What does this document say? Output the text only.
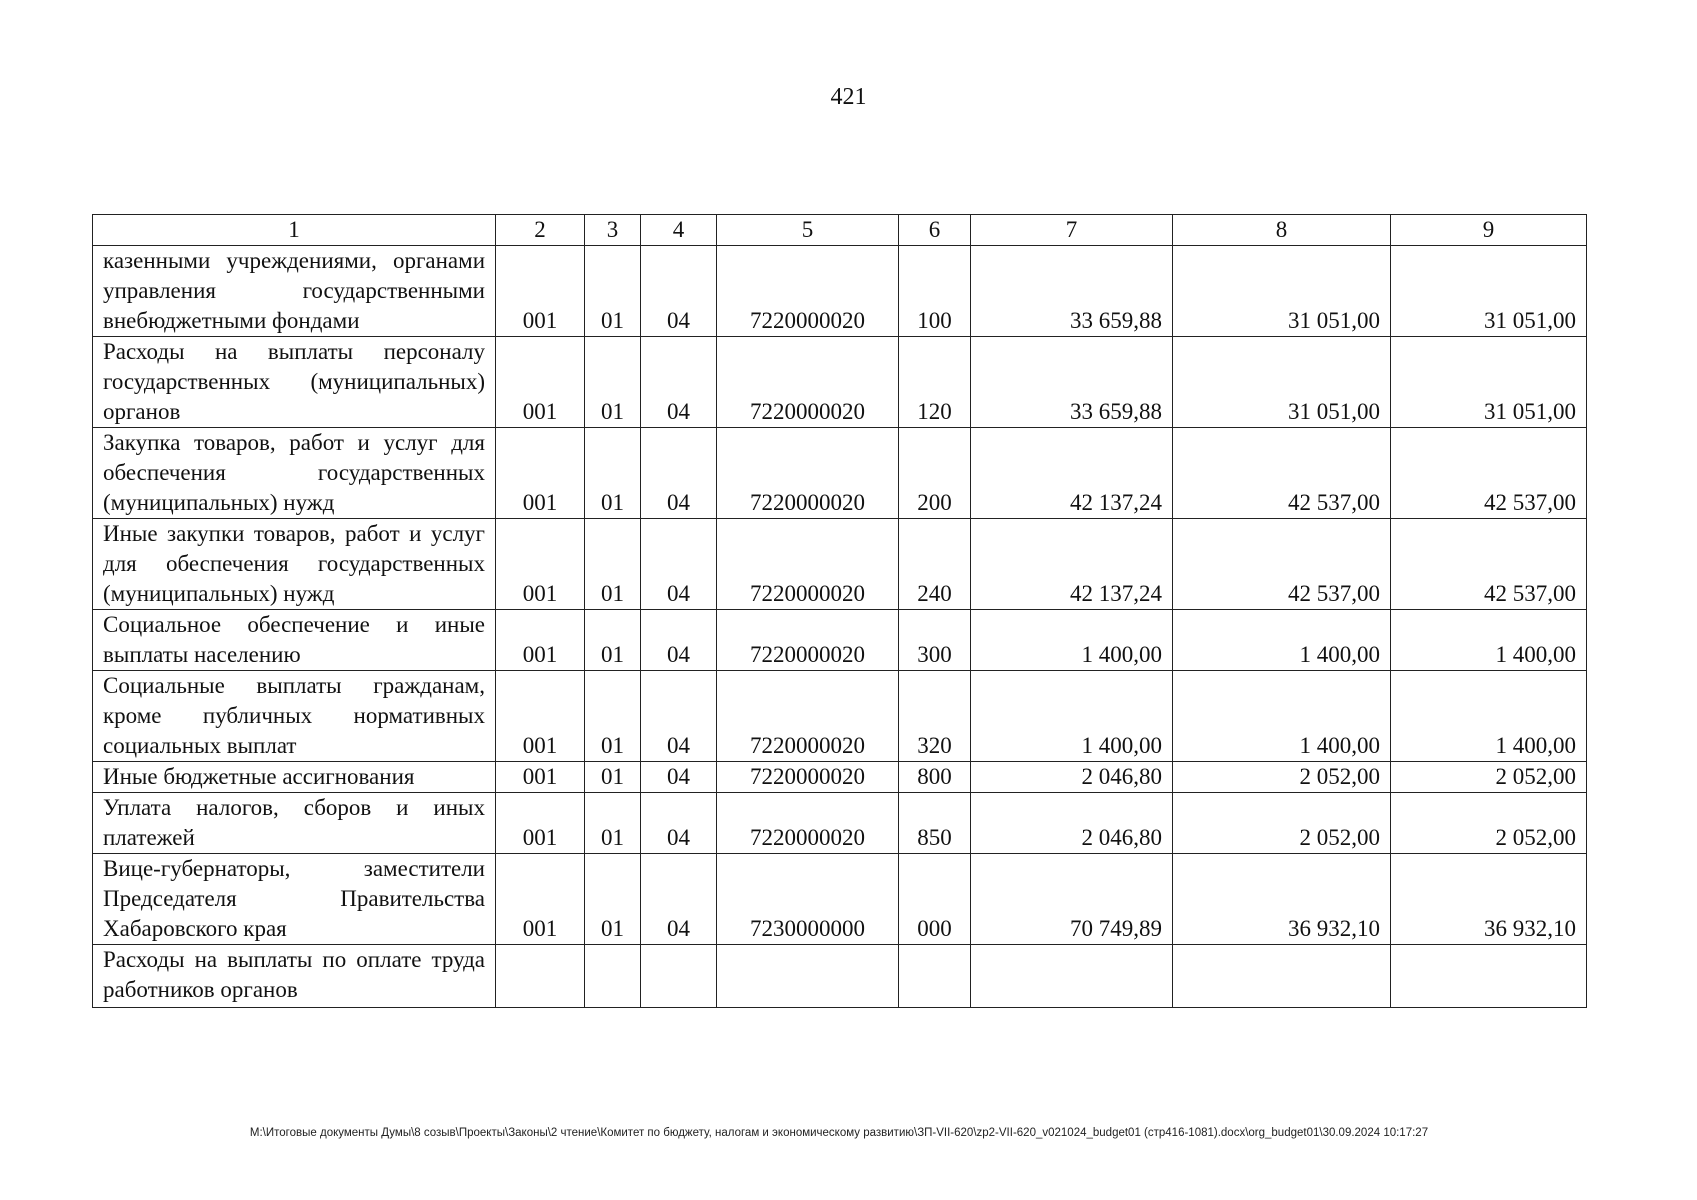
421
1	2	3	4	5	6	7	8	9
казенными учреждениями, органами управления государственными внебюджетными фондами	001	01	04	7220000020	100	33 659,88	31 051,00	31 051,00
Расходы на выплаты персоналу государственных (муниципальных) органов	001	01	04	7220000020	120	33 659,88	31 051,00	31 051,00
Закупка товаров, работ и услуг для обеспечения государственных (муниципальных) нужд	001	01	04	7220000020	200	42 137,24	42 537,00	42 537,00
Иные закупки товаров, работ и услуг для обеспечения государственных (муниципальных) нужд	001	01	04	7220000020	240	42 137,24	42 537,00	42 537,00
Социальное обеспечение и иные выплаты населению	001	01	04	7220000020	300	1 400,00	1 400,00	1 400,00
Социальные выплаты гражданам, кроме публичных нормативных социальных выплат	001	01	04	7220000020	320	1 400,00	1 400,00	1 400,00
Иные бюджетные ассигнования	001	01	04	7220000020	800	2 046,80	2 052,00	2 052,00
Уплата налогов, сборов и иных платежей	001	01	04	7220000020	850	2 046,80	2 052,00	2 052,00
Вице-губернаторы, заместители Председателя Правительства Хабаровского края	001	01	04	7230000000	000	70 749,89	36 932,10	36 932,10
Расходы на выплаты по оплате труда работников органов								
М:\Итоговые документы Думы\8 созыв\Проекты\Законы\2 чтение\Комитет по бюджету, налогам и экономическому развитию\ЗП-VII-620\zp2-VII-620_v021024_budget01 (стр416-1081).docx\org_budget01\30.09.2024 10:17:27
